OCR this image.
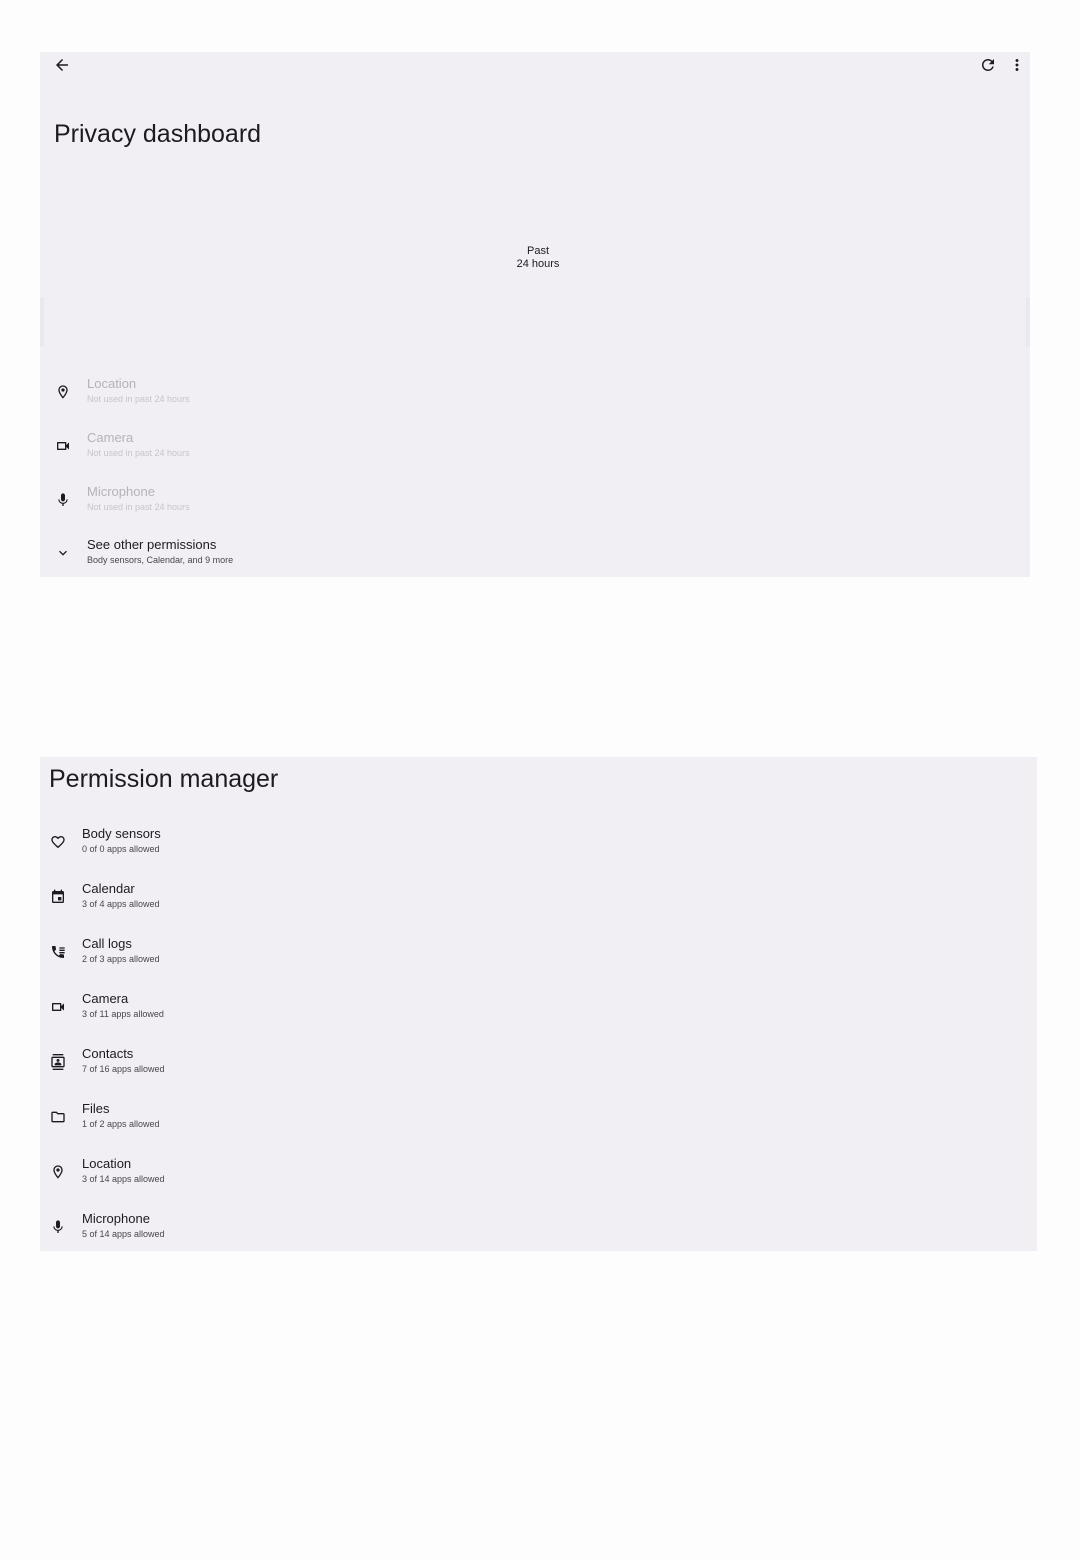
Privacy dashboard
Past
24 hours
Location
Not used in past 24 hours
Camera
Not used in past 24 hours
Microphone
Not used in past 24 hours
See other permissions
Body sensors, Calendar, and 9 more
Permission manager
Body sensors
0 of 0 apps allowed
Calendar
3 of 4 apps allowed
Call logs
2 of 3 apps allowed
Camera
3 of 11 apps allowed
Contacts
7 of 16 apps allowed
Files
1 of 2 apps allowed
Location
3 of 14 apps allowed
Microphone
5 of 14 apps allowed
